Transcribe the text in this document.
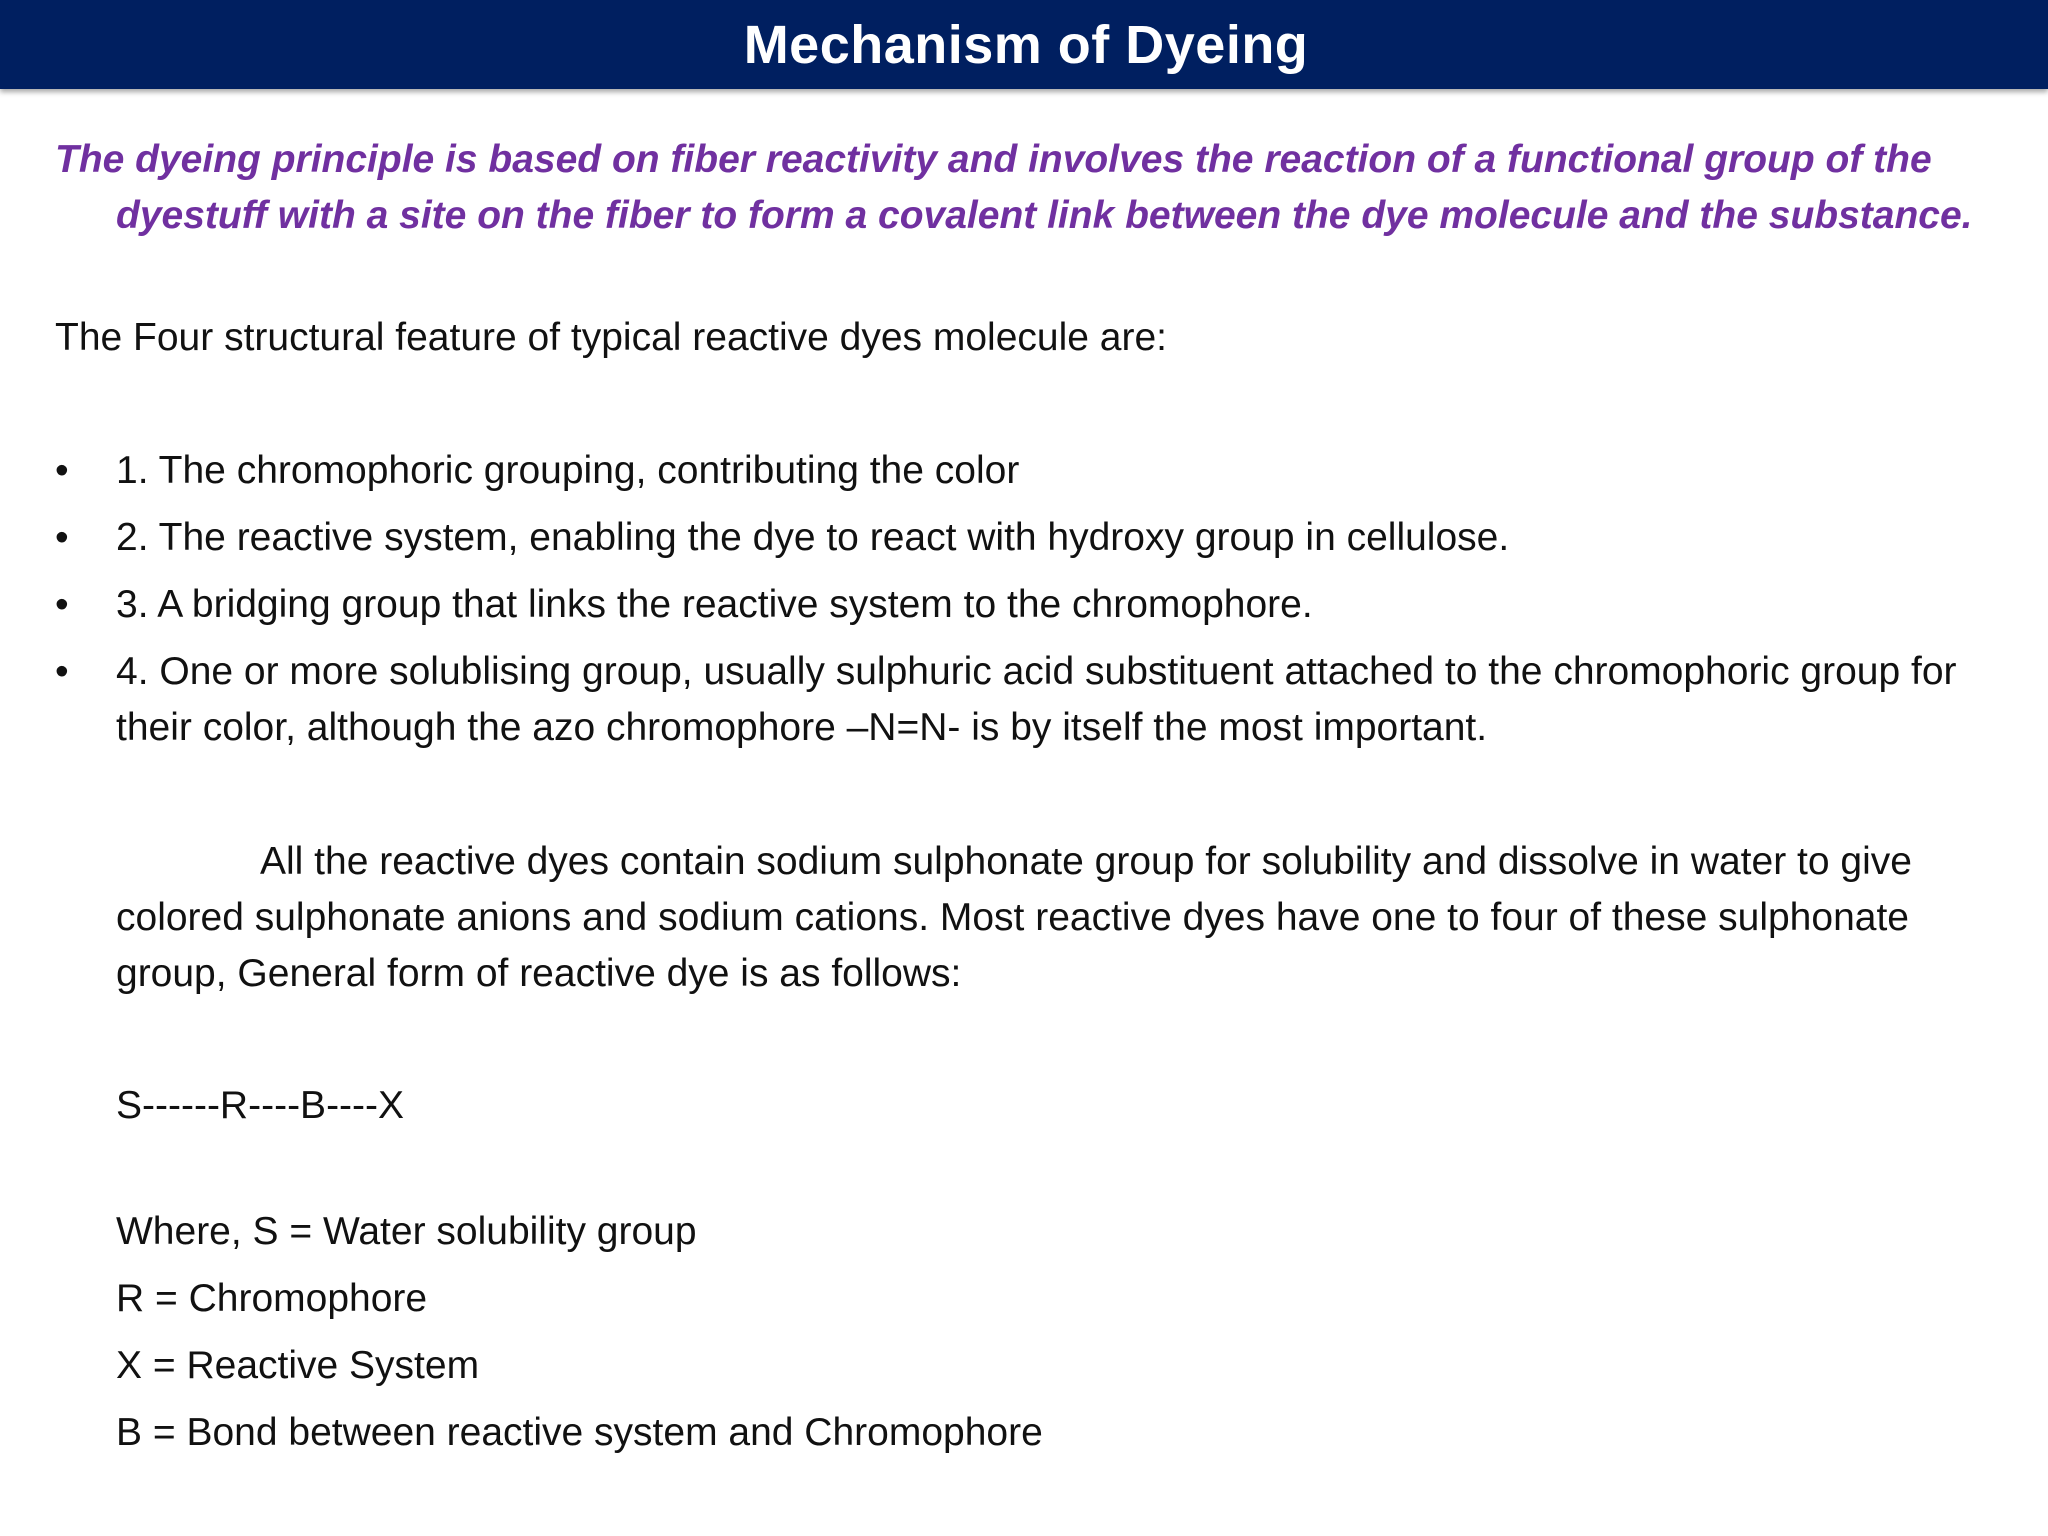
Mechanism of Dyeing
The dyeing principle is based on fiber reactivity and involves the reaction of a functional group of the dyestuff with a site on the fiber to form a covalent link between the dye molecule and the substance.
The Four structural feature of typical reactive dyes molecule are:
• 1. The chromophoric grouping, contributing the color
• 2. The reactive system, enabling the dye to react with hydroxy group in cellulose.
• 3. A bridging group that links the reactive system to the chromophore.
• 4. One or more solublising group, usually sulphuric acid substituent attached to the chromophoric group for their color, although the azo chromophore –N=N- is by itself the most important.
All the reactive dyes contain sodium sulphonate group for solubility and dissolve in water to give colored sulphonate anions and sodium cations. Most reactive dyes have one to four of these sulphonate group, General form of reactive dye is as follows:
S------R----B----X
Where, S = Water solubility group
R = Chromophore
X = Reactive System
B = Bond between reactive system and Chromophore
